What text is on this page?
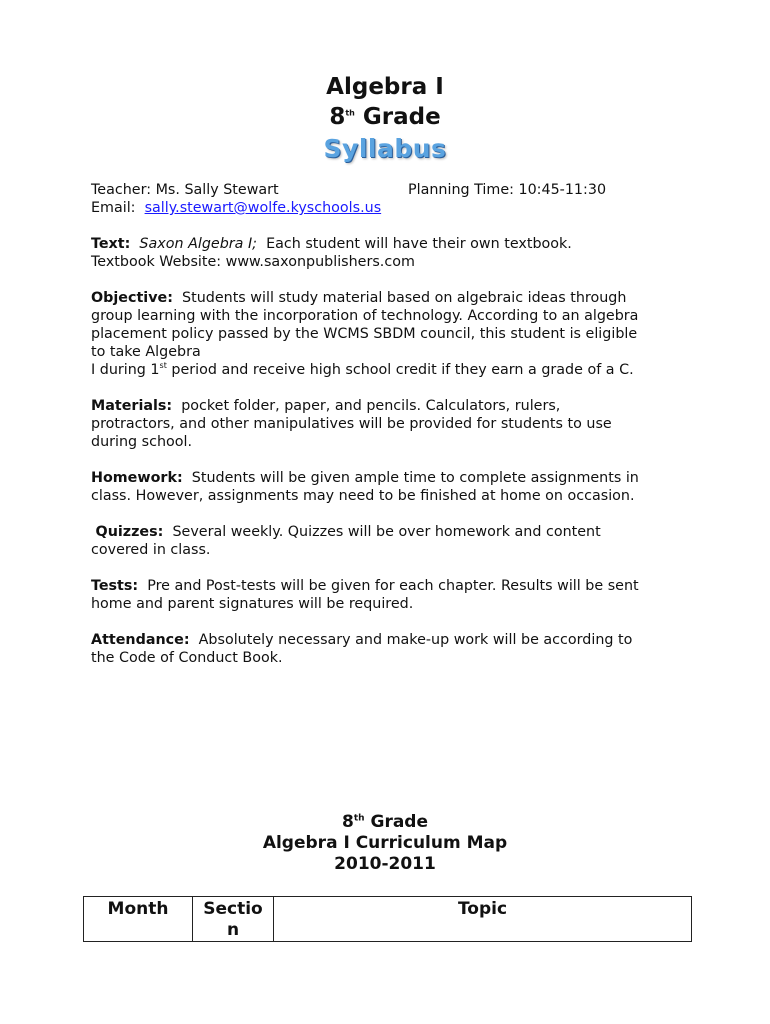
Algebra I
8th Grade
Syllabus
Teacher: Ms. Sally Stewart	Planning Time: 10:45-11:30
Email: sally.stewart@wolfe.kyschools.us
Text: Saxon Algebra I; Each student will have their own textbook.
Textbook Website: www.saxonpublishers.com
Objective: Students will study material based on algebraic ideas through
group learning with the incorporation of technology. According to an algebra
placement policy passed by the WCMS SBDM council, this student is eligible
to take Algebra
I during 1st period and receive high school credit if they earn a grade of a C.
Materials: pocket folder, paper, and pencils. Calculators, rulers,
protractors, and other manipulatives will be provided for students to use
during school.
Homework: Students will be given ample time to complete assignments in
class. However, assignments may need to be finished at home on occasion.
Quizzes: Several weekly. Quizzes will be over homework and content
covered in class.
Tests: Pre and Post-tests will be given for each chapter. Results will be sent
home and parent signatures will be required.
Attendance: Absolutely necessary and make-up work will be according to
the Code of Conduct Book.
8th Grade
Algebra I Curriculum Map
2010-2011
Month	Section	Topic
